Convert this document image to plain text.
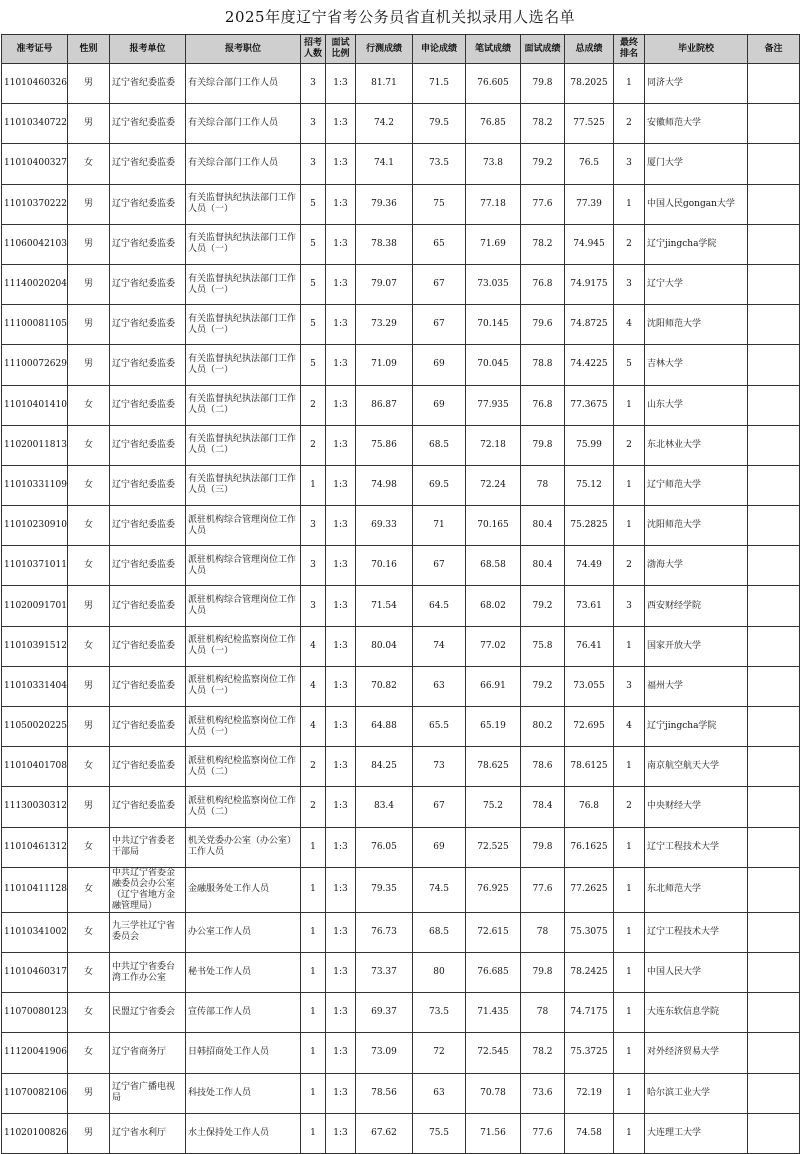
2025年度辽宁省考公务员省直机关拟录用人选名单
准考证号	性别	报考单位	报考职位	招考人数	面试比例	行测成绩	申论成绩	笔试成绩	面试成绩	总成绩	最终排名	毕业院校	备注
11010460326	男	辽宁省纪委监委	有关综合部门工作人员	3	1:3	81.71	71.5	76.605	79.8	78.2025	1	同济大学	
11010340722	男	辽宁省纪委监委	有关综合部门工作人员	3	1:3	74.2	79.5	76.85	78.2	77.525	2	安徽师范大学	
11010400327	女	辽宁省纪委监委	有关综合部门工作人员	3	1:3	74.1	73.5	73.8	79.2	76.5	3	厦门大学	
11010370222	男	辽宁省纪委监委	有关监督执纪执法部门工作人员（一）	5	1:3	79.36	75	77.18	77.6	77.39	1	中国人民gongan大学	
11060042103	男	辽宁省纪委监委	有关监督执纪执法部门工作人员（一）	5	1:3	78.38	65	71.69	78.2	74.945	2	辽宁jingcha学院	
11140020204	男	辽宁省纪委监委	有关监督执纪执法部门工作人员（一）	5	1:3	79.07	67	73.035	76.8	74.9175	3	辽宁大学	
11100081105	男	辽宁省纪委监委	有关监督执纪执法部门工作人员（一）	5	1:3	73.29	67	70.145	79.6	74.8725	4	沈阳师范大学	
11100072629	男	辽宁省纪委监委	有关监督执纪执法部门工作人员（一）	5	1:3	71.09	69	70.045	78.8	74.4225	5	吉林大学	
11010401410	女	辽宁省纪委监委	有关监督执纪执法部门工作人员（二）	2	1:3	86.87	69	77.935	76.8	77.3675	1	山东大学	
11020011813	女	辽宁省纪委监委	有关监督执纪执法部门工作人员（二）	2	1:3	75.86	68.5	72.18	79.8	75.99	2	东北林业大学	
11010331109	女	辽宁省纪委监委	有关监督执纪执法部门工作人员（三）	1	1:3	74.98	69.5	72.24	78	75.12	1	辽宁师范大学	
11010230910	女	辽宁省纪委监委	派驻机构综合管理岗位工作人员	3	1:3	69.33	71	70.165	80.4	75.2825	1	沈阳师范大学	
11010371011	女	辽宁省纪委监委	派驻机构综合管理岗位工作人员	3	1:3	70.16	67	68.58	80.4	74.49	2	渤海大学	
11020091701	男	辽宁省纪委监委	派驻机构综合管理岗位工作人员	3	1:3	71.54	64.5	68.02	79.2	73.61	3	西安财经学院	
11010391512	女	辽宁省纪委监委	派驻机构纪检监察岗位工作人员（一）	4	1:3	80.04	74	77.02	75.8	76.41	1	国家开放大学	
11010331404	男	辽宁省纪委监委	派驻机构纪检监察岗位工作人员（一）	4	1:3	70.82	63	66.91	79.2	73.055	3	福州大学	
11050020225	男	辽宁省纪委监委	派驻机构纪检监察岗位工作人员（一）	4	1:3	64.88	65.5	65.19	80.2	72.695	4	辽宁jingcha学院	
11010401708	女	辽宁省纪委监委	派驻机构纪检监察岗位工作人员（二）	2	1:3	84.25	73	78.625	78.6	78.6125	1	南京航空航天大学	
11130030312	男	辽宁省纪委监委	派驻机构纪检监察岗位工作人员（二）	2	1:3	83.4	67	75.2	78.4	76.8	2	中央财经大学	
11010461312	女	中共辽宁省委老干部局	机关党委办公室（办公室）工作人员	1	1:3	76.05	69	72.525	79.8	76.1625	1	辽宁工程技术大学	
11010411128	女	中共辽宁省委金融委员会办公室（辽宁省地方金融管理局）	金融服务处工作人员	1	1:3	79.35	74.5	76.925	77.6	77.2625	1	东北师范大学	
11010341002	女	九三学社辽宁省委员会	办公室工作人员	1	1:3	76.73	68.5	72.615	78	75.3075	1	辽宁工程技术大学	
11010460317	女	中共辽宁省委台湾工作办公室	秘书处工作人员	1	1:3	73.37	80	76.685	79.8	78.2425	1	中国人民大学	
11070080123	女	民盟辽宁省委会	宣传部工作人员	1	1:3	69.37	73.5	71.435	78	74.7175	1	大连东软信息学院	
11120041906	女	辽宁省商务厅	日韩招商处工作人员	1	1:3	73.09	72	72.545	78.2	75.3725	1	对外经济贸易大学	
11070082106	男	辽宁省广播电视局	科技处工作人员	1	1:3	78.56	63	70.78	73.6	72.19	1	哈尔滨工业大学	
11020100826	男	辽宁省水利厅	水土保持处工作人员	1	1:3	67.62	75.5	71.56	77.6	74.58	1	大连理工大学	
